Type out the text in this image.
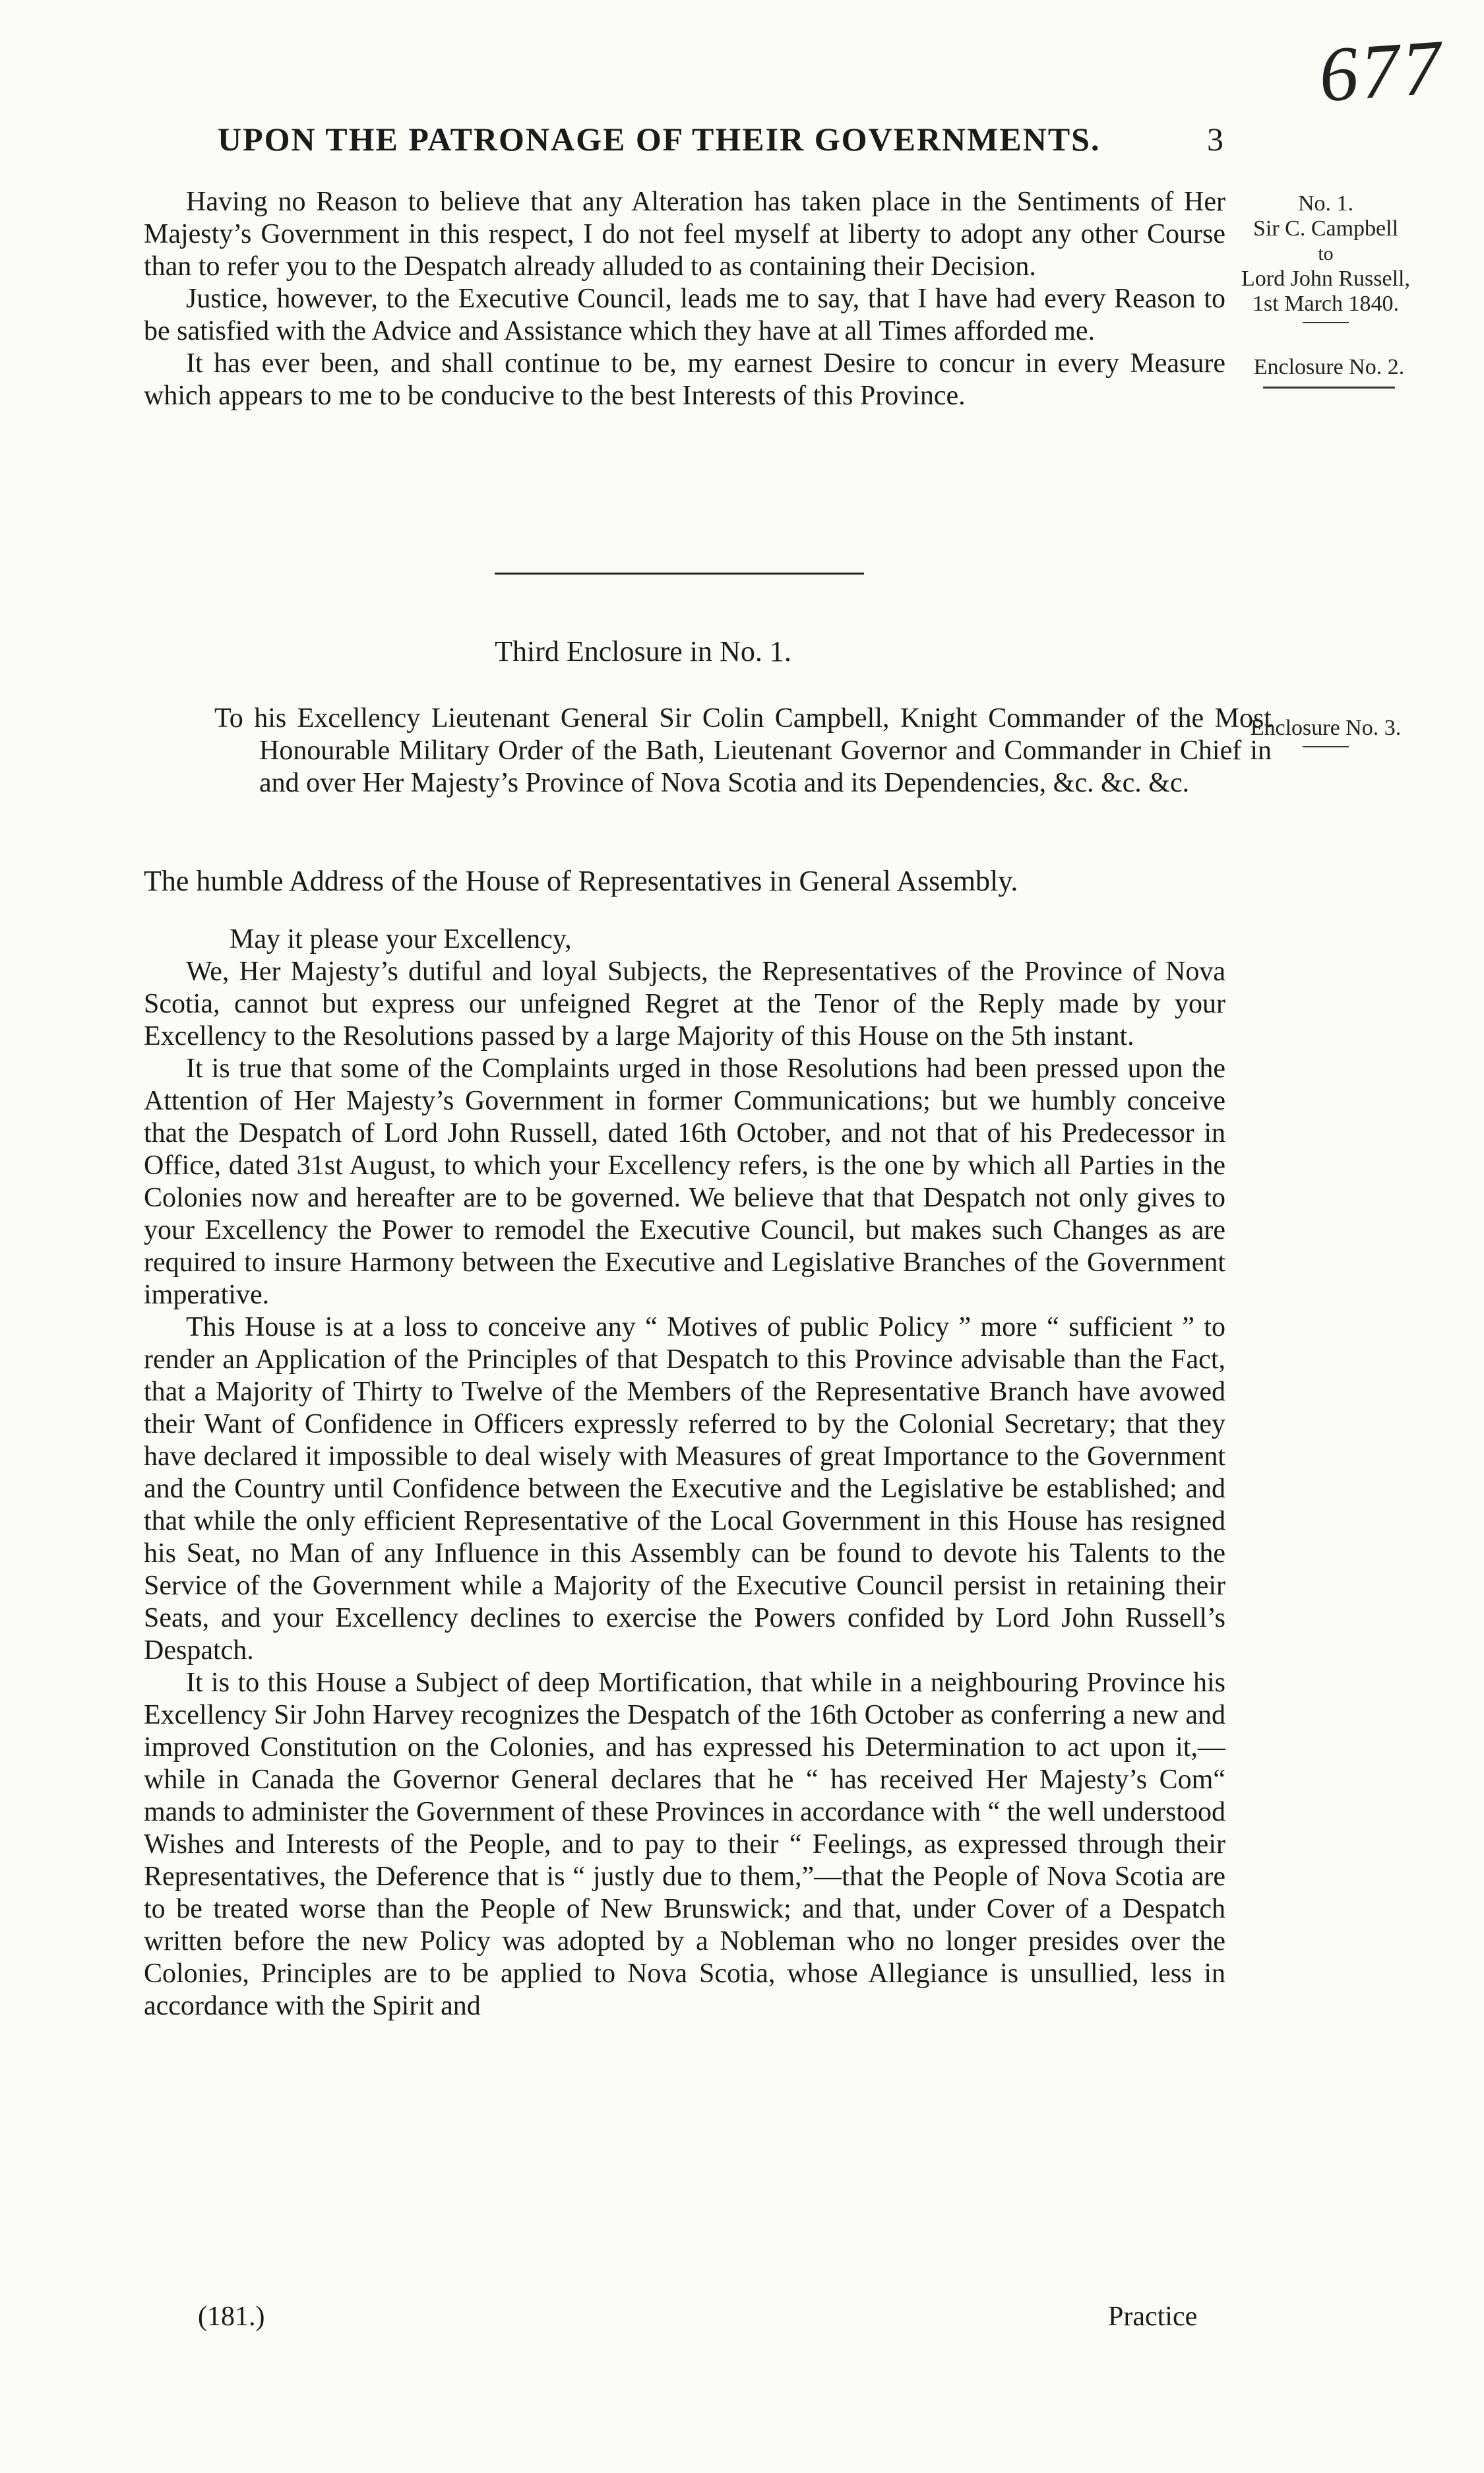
677
UPON THE PATRONAGE OF THEIR GOVERNMENTS.	3

Having no Reason to believe that any Alteration has taken place in the Sentiments of Her Majesty’s Government in this respect, I do not feel myself at liberty to adopt any other Course than to refer you to the Despatch already alluded to as containing their Decision.

Justice, however, to the Executive Council, leads me to say, that I have had every Reason to be satisfied with the Advice and Assistance which they have at all Times afforded me.

It has ever been, and shall continue to be, my earnest Desire to concur in every Measure which appears to me to be conducive to the best Interests of this Province.

No. 1.
Sir C. Campbell
to
Lord John Russell,
1st March 1840.
Enclosure No. 2.
Third Enclosure in No. 1.
To his Excellency Lieutenant General Sir Colin Campbell, Knight Commander of the Most Honourable Military Order of the Bath, Lieutenant Governor and Commander in Chief in and over Her Majesty’s Province of Nova Scotia and its Dependencies, &c. &c. &c.
Enclosure No. 3.
The humble Address of the House of Representatives in General Assembly.

May it please your Excellency,

We, Her Majesty’s dutiful and loyal Subjects, the Representatives of the Province of Nova Scotia, cannot but express our unfeigned Regret at the Tenor of the Reply made by your Excellency to the Resolutions passed by a large Majority of this House on the 5th instant.

It is true that some of the Complaints urged in those Resolutions had been pressed upon the Attention of Her Majesty’s Government in former Communications; but we humbly conceive that the Despatch of Lord John Russell, dated 16th October, and not that of his Predecessor in Office, dated 31st August, to which your Excellency refers, is the one by which all Parties in the Colonies now and hereafter are to be governed. We believe that that Despatch not only gives to your Excellency the Power to remodel the Executive Council, but makes such Changes as are required to insure Harmony between the Executive and Legislative Branches of the Government imperative.

This House is at a loss to conceive any “ Motives of public Policy ” more “ sufficient ” to render an Application of the Principles of that Despatch to this Province advisable than the Fact, that a Majority of Thirty to Twelve of the Members of the Representative Branch have avowed their Want of Confidence in Officers expressly referred to by the Colonial Secretary; that they have declared it impossible to deal wisely with Measures of great Importance to the Government and the Country until Confidence between the Executive and the Legislative be established; and that while the only efficient Representative of the Local Government in this House has resigned his Seat, no Man of any Influence in this Assembly can be found to devote his Talents to the Service of the Government while a Majority of the Executive Council persist in retaining their Seats, and your Excellency declines to exercise the Powers confided by Lord John Russell’s Despatch.

It is to this House a Subject of deep Mortification, that while in a neighbouring Province his Excellency Sir John Harvey recognizes the Despatch of the 16th October as conferring a new and improved Constitution on the Colonies, and has expressed his Determination to act upon it,— while in Canada the Governor General declares that he “ has received Her Majesty’s Com“ mands to administer the Government of these Provinces in accordance with “ the well understood Wishes and Interests of the People, and to pay to their “ Feelings, as expressed through their Representatives, the Deference that is “ justly due to them,”—that the People of Nova Scotia are to be treated worse than the People of New Brunswick; and that, under Cover of a Despatch written before the new Policy was adopted by a Nobleman who no longer presides over the Colonies, Principles are to be applied to Nova Scotia, whose Allegiance is unsullied, less in accordance with the Spirit and

(181.)	Practice
